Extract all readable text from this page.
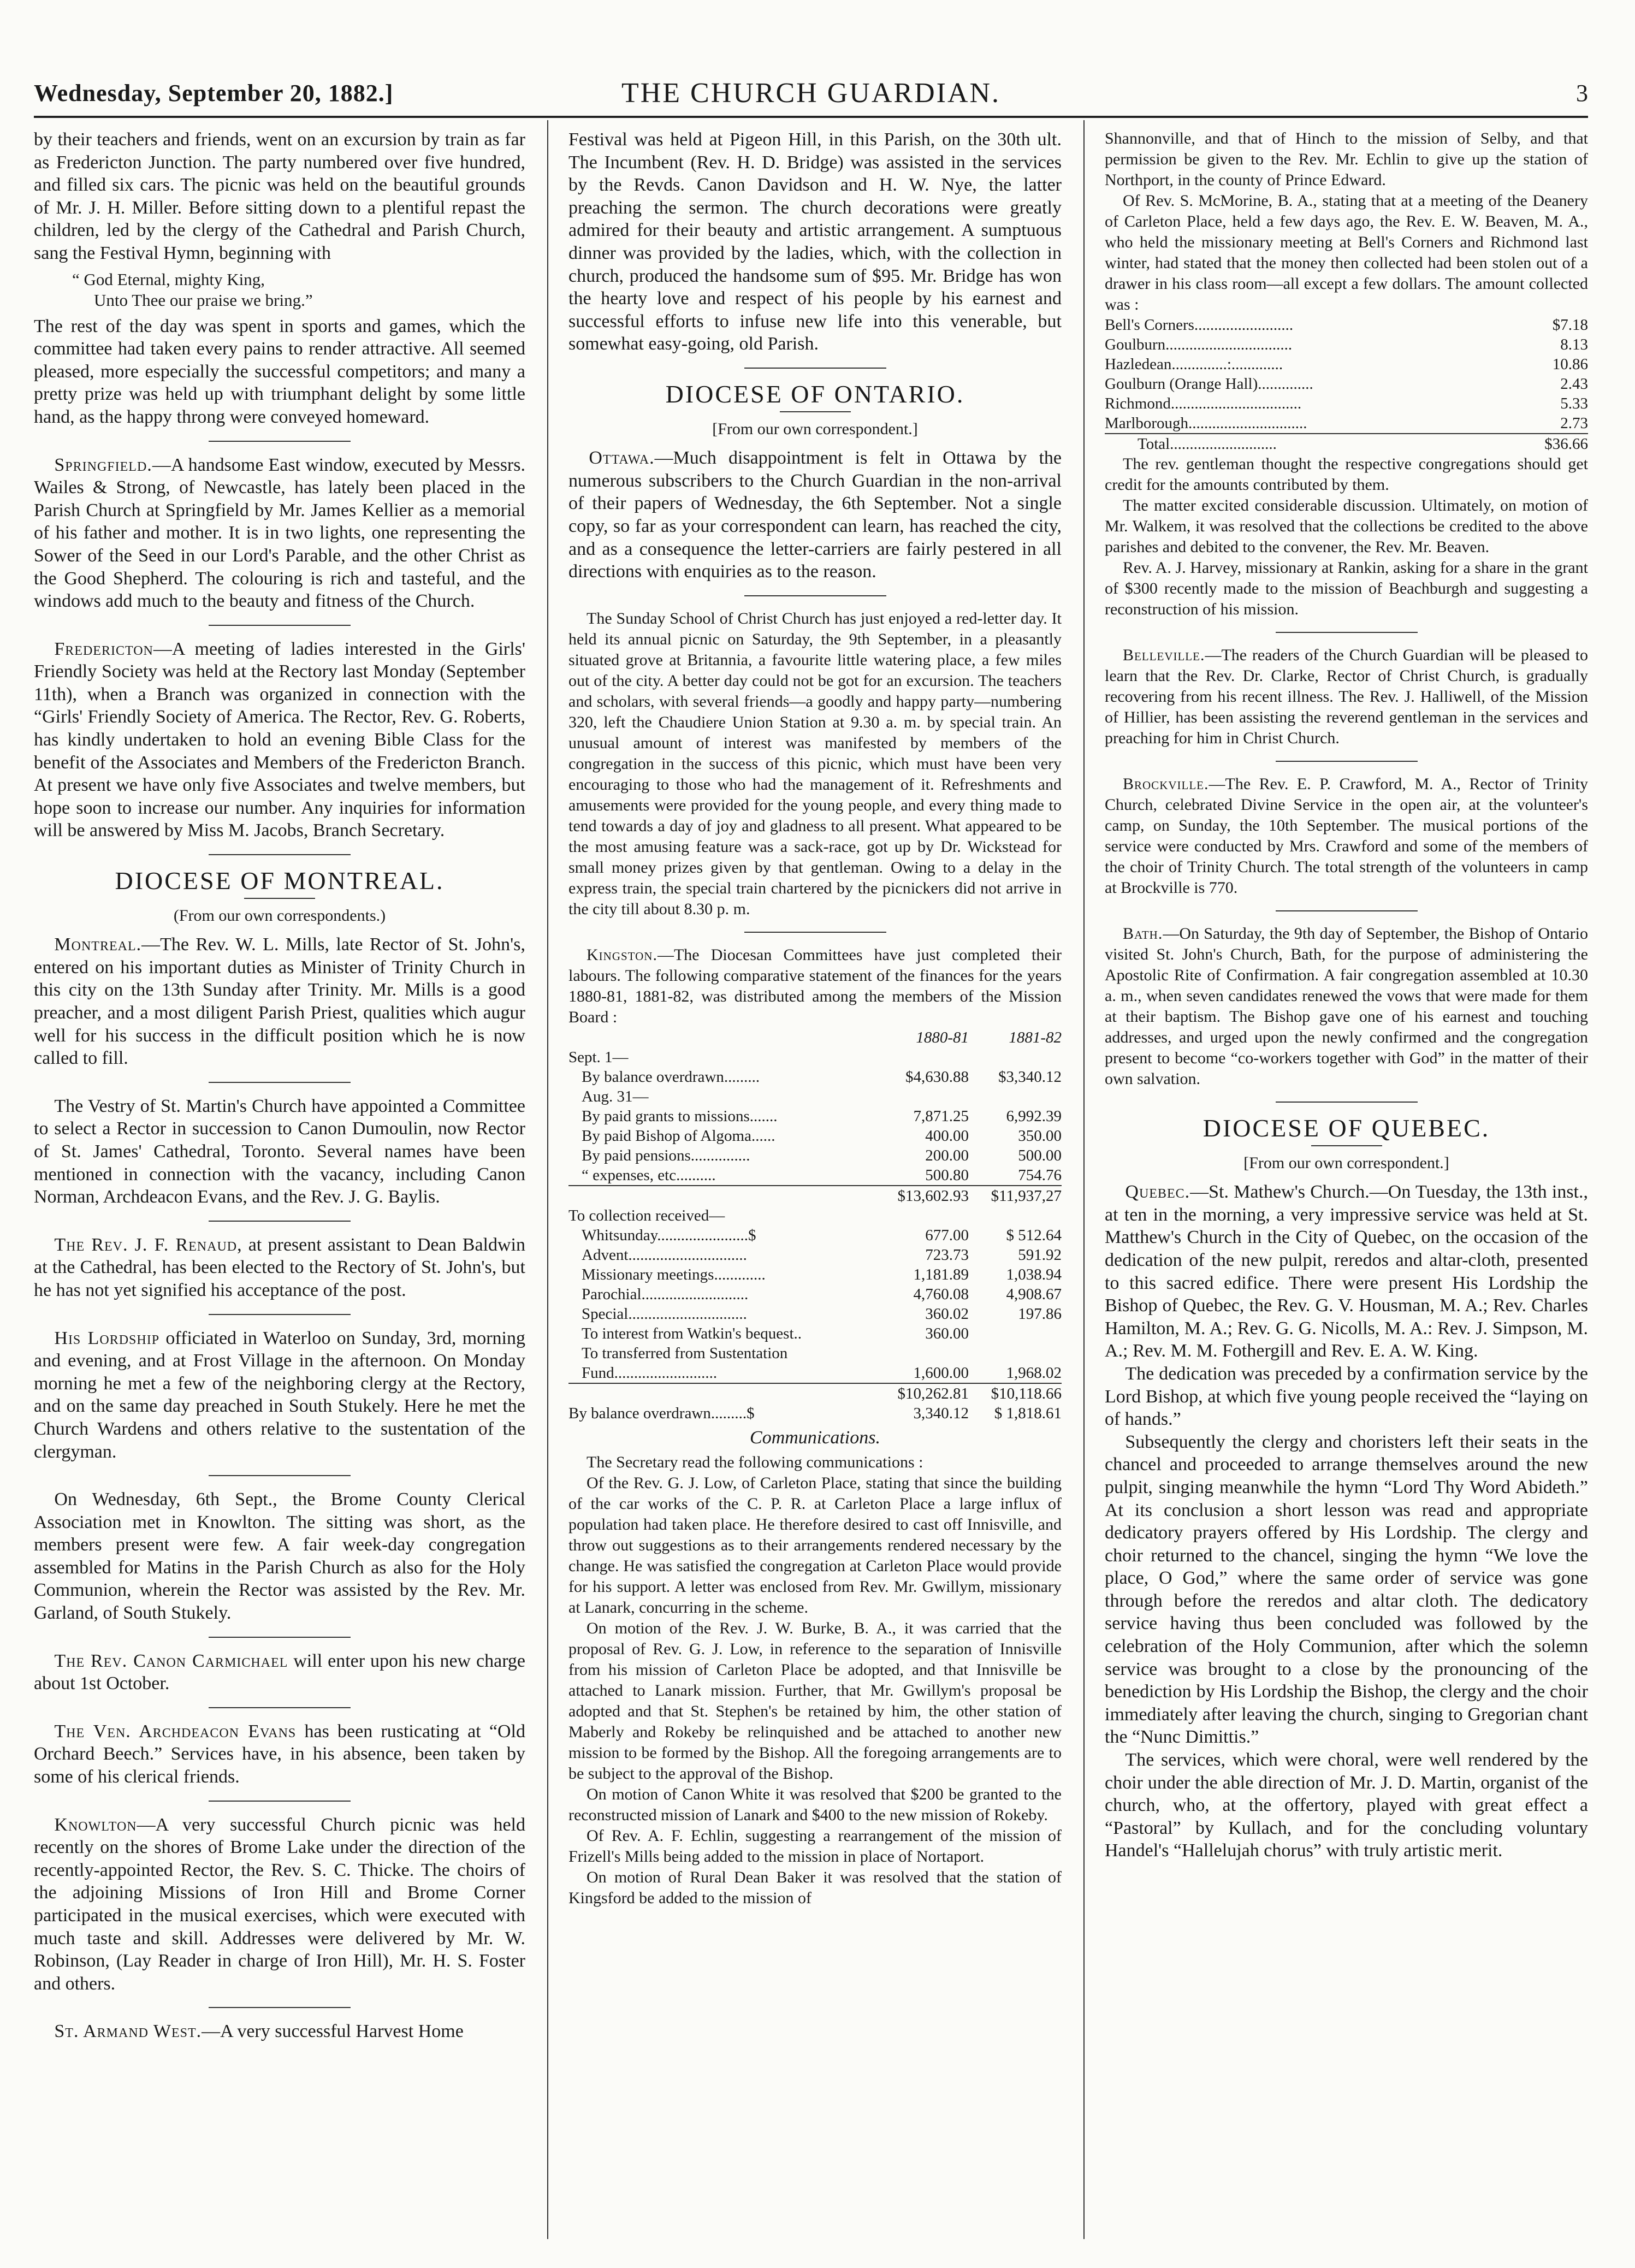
Wednesday, September 20, 1882.]	THE CHURCH GUARDIAN.	3

by their teachers and friends, went on an excursion by train as far as Fredericton Junction. The party numbered over five hundred, and filled six cars. The picnic was held on the beautiful grounds of Mr. J. H. Miller. Before sitting down to a plentiful repast the children, led by the clergy of the Cathedral and Parish Church, sang the Festival Hymn, beginning with

“ God Eternal, mighty King,
Unto Thee our praise we bring.”

The rest of the day was spent in sports and games, which the committee had taken every pains to render attractive. All seemed pleased, more especially the successful competitors; and many a pretty prize was held up with triumphant delight by some little hand, as the happy throng were conveyed homeward.

Springfield.—A handsome East window, executed by Messrs. Wailes & Strong, of Newcastle, has lately been placed in the Parish Church at Springfield by Mr. James Kellier as a memorial of his father and mother. It is in two lights, one representing the Sower of the Seed in our Lord's Parable, and the other Christ as the Good Shepherd. The colouring is rich and tasteful, and the windows add much to the beauty and fitness of the Church.

Fredericton—A meeting of ladies interested in the Girls' Friendly Society was held at the Rectory last Monday (September 11th), when a Branch was organized in connection with the “Girls' Friendly Society of America. The Rector, Rev. G. Roberts, has kindly undertaken to hold an evening Bible Class for the benefit of the Associates and Members of the Fredericton Branch. At present we have only five Associates and twelve members, but hope soon to increase our number. Any inquiries for information will be answered by Miss M. Jacobs, Branch Secretary.

DIOCESE OF MONTREAL.
(From our own correspondents.)

Montreal.—The Rev. W. L. Mills, late Rector of St. John's, entered on his important duties as Minister of Trinity Church in this city on the 13th Sunday after Trinity. Mr. Mills is a good preacher, and a most diligent Parish Priest, qualities which augur well for his success in the difficult position which he is now called to fill.

The Vestry of St. Martin's Church have appointed a Committee to select a Rector in succession to Canon Dumoulin, now Rector of St. James' Cathedral, Toronto. Several names have been mentioned in connection with the vacancy, including Canon Norman, Archdeacon Evans, and the Rev. J. G. Baylis.

The Rev. J. F. Renaud, at present assistant to Dean Baldwin at the Cathedral, has been elected to the Rectory of St. John's, but he has not yet signified his acceptance of the post.

His Lordship officiated in Waterloo on Sunday, 3rd, morning and evening, and at Frost Village in the afternoon. On Monday morning he met a few of the neighboring clergy at the Rectory, and on the same day preached in South Stukely. Here he met the Church Wardens and others relative to the sustentation of the clergyman.

On Wednesday, 6th Sept., the Brome County Clerical Association met in Knowlton. The sitting was short, as the members present were few. A fair week-day congregation assembled for Matins in the Parish Church as also for the Holy Communion, wherein the Rector was assisted by the Rev. Mr. Garland, of South Stukely.

The Rev. Canon Carmichael will enter upon his new charge about 1st October.

The Ven. Archdeacon Evans has been rusticating at “Old Orchard Beech.” Services have, in his absence, been taken by some of his clerical friends.

Knowlton—A very successful Church picnic was held recently on the shores of Brome Lake under the direction of the recently-appointed Rector, the Rev. S. C. Thicke. The choirs of the adjoining Missions of Iron Hill and Brome Corner participated in the musical exercises, which were executed with much taste and skill. Addresses were delivered by Mr. W. Robinson, (Lay Reader in charge of Iron Hill), Mr. H. S. Foster and others.

St. Armand West.—A very successful Harvest Home

Festival was held at Pigeon Hill, in this Parish, on the 30th ult. The Incumbent (Rev. H. D. Bridge) was assisted in the services by the Revds. Canon Davidson and H. W. Nye, the latter preaching the sermon. The church decorations were greatly admired for their beauty and artistic arrangement. A sumptuous dinner was provided by the ladies, which, with the collection in church, produced the handsome sum of $95. Mr. Bridge has won the hearty love and respect of his people by his earnest and successful efforts to infuse new life into this venerable, but somewhat easy-going, old Parish.

DIOCESE OF ONTARIO.
[From our own correspondent.]

Ottawa.—Much disappointment is felt in Ottawa by the numerous subscribers to the Church Guardian in the non-arrival of their papers of Wednesday, the 6th September. Not a single copy, so far as your correspondent can learn, has reached the city, and as a consequence the letter-carriers are fairly pestered in all directions with enquiries as to the reason.

The Sunday School of Christ Church has just enjoyed a red-letter day. It held its annual picnic on Saturday, the 9th September, in a pleasantly situated grove at Britannia, a favourite little watering place, a few miles out of the city. A better day could not be got for an excursion. The teachers and scholars, with several friends—a goodly and happy party—numbering 320, left the Chaudiere Union Station at 9.30 a. m. by special train. An unusual amount of interest was manifested by members of the congregation in the success of this picnic, which must have been very encouraging to those who had the management of it. Refreshments and amusements were provided for the young people, and every thing made to tend towards a day of joy and gladness to all present. What appeared to be the most amusing feature was a sack-race, got up by Dr. Wickstead for small money prizes given by that gentleman. Owing to a delay in the express train, the special train chartered by the picnickers did not arrive in the city till about 8.30 p. m.

Kingston.—The Diocesan Committees have just completed their labours. The following comparative statement of the finances for the years 1880-81, 1881-82, was distributed among the members of the Mission Board :

	1880-81	1881-82
Sept. 1—		
By balance overdrawn.........	$4,630.88	$3,340.12
Aug. 31—		
By paid grants to missions.......	7,871.25	6,992.39
By paid Bishop of Algoma......	400.00	350.00
By paid pensions...............	200.00	500.00
“ expenses, etc..........	500.80	754.76
	$13,602.93	$11,937,27
To collection received—		
Whitsunday.......................$	677.00	$ 512.64
Advent..............................	723.73	591.92
Missionary meetings.............	1,181.89	1,038.94
Parochial...........................	4,760.08	4,908.67
Special..............................	360.02	197.86
To interest from Watkin's bequest..	360.00	
To transferred from Sustentation		
Fund..........................	1,600.00	1,968.02
	$10,262.81	$10,118.66
By balance overdrawn.........$	3,340.12	$ 1,818.61
Communications.

The Secretary read the following communications :

Of the Rev. G. J. Low, of Carleton Place, stating that since the building of the car works of the C. P. R. at Carleton Place a large influx of population had taken place. He therefore desired to cast off Innisville, and throw out suggestions as to their arrangements rendered necessary by the change. He was satisfied the congregation at Carleton Place would provide for his support. A letter was enclosed from Rev. Mr. Gwillym, missionary at Lanark, concurring in the scheme.

On motion of the Rev. J. W. Burke, B. A., it was carried that the proposal of Rev. G. J. Low, in reference to the separation of Innisville from his mission of Carleton Place be adopted, and that Innisville be attached to Lanark mission. Further, that Mr. Gwillym's proposal be adopted and that St. Stephen's be retained by him, the other station of Maberly and Rokeby be relinquished and be attached to another new mission to be formed by the Bishop. All the foregoing arrangements are to be subject to the approval of the Bishop.

On motion of Canon White it was resolved that $200 be granted to the reconstructed mission of Lanark and $400 to the new mission of Rokeby.

Of Rev. A. F. Echlin, suggesting a rearrangement of the mission of Frizell's Mills being added to the mission in place of Nortaport.

On motion of Rural Dean Baker it was resolved that the station of Kingsford be added to the mission of

Shannonville, and that of Hinch to the mission of Selby, and that permission be given to the Rev. Mr. Echlin to give up the station of Northport, in the county of Prince Edward.

Of Rev. S. McMorine, B. A., stating that at a meeting of the Deanery of Carleton Place, held a few days ago, the Rev. E. W. Beaven, M. A., who held the missionary meeting at Bell's Corners and Richmond last winter, had stated that the money then collected had been stolen out of a drawer in his class room—all except a few dollars. The amount collected was :

Bell's Corners.........................	$7.18
Goulburn................................	8.13
Hazledean..............:.............	10.86
Goulburn (Orange Hall)..............	2.43
Richmond.................................	5.33
Marlborough..............................	2.73
Total...........................	$36.66

The rev. gentleman thought the respective congregations should get credit for the amounts contributed by them.

The matter excited considerable discussion. Ultimately, on motion of Mr. Walkem, it was resolved that the collections be credited to the above parishes and debited to the convener, the Rev. Mr. Beaven.

Rev. A. J. Harvey, missionary at Rankin, asking for a share in the grant of $300 recently made to the mission of Beachburgh and suggesting a reconstruction of his mission.

Belleville.—The readers of the Church Guardian will be pleased to learn that the Rev. Dr. Clarke, Rector of Christ Church, is gradually recovering from his recent illness. The Rev. J. Halliwell, of the Mission of Hillier, has been assisting the reverend gentleman in the services and preaching for him in Christ Church.

Brockville.—The Rev. E. P. Crawford, M. A., Rector of Trinity Church, celebrated Divine Service in the open air, at the volunteer's camp, on Sunday, the 10th September. The musical portions of the service were conducted by Mrs. Crawford and some of the members of the choir of Trinity Church. The total strength of the volunteers in camp at Brockville is 770.

Bath.—On Saturday, the 9th day of September, the Bishop of Ontario visited St. John's Church, Bath, for the purpose of administering the Apostolic Rite of Confirmation. A fair congregation assembled at 10.30 a. m., when seven candidates renewed the vows that were made for them at their baptism. The Bishop gave one of his earnest and touching addresses, and urged upon the newly confirmed and the congregation present to become “co-workers together with God” in the matter of their own salvation.

DIOCESE OF QUEBEC.
[From our own correspondent.]

Quebec.—St. Mathew's Church.—On Tuesday, the 13th inst., at ten in the morning, a very impressive service was held at St. Matthew's Church in the City of Quebec, on the occasion of the dedication of the new pulpit, reredos and altar-cloth, presented to this sacred edifice. There were present His Lordship the Bishop of Quebec, the Rev. G. V. Housman, M. A.; Rev. Charles Hamilton, M. A.; Rev. G. G. Nicolls, M. A.: Rev. J. Simpson, M. A.; Rev. M. M. Fothergill and Rev. E. A. W. King.

The dedication was preceded by a confirmation service by the Lord Bishop, at which five young people received the “laying on of hands.”

Subsequently the clergy and choristers left their seats in the chancel and proceeded to arrange themselves around the new pulpit, singing meanwhile the hymn “Lord Thy Word Abideth.” At its conclusion a short lesson was read and appropriate dedicatory prayers offered by His Lordship. The clergy and choir returned to the chancel, singing the hymn “We love the place, O God,” where the same order of service was gone through before the reredos and altar cloth. The dedicatory service having thus been concluded was followed by the celebration of the Holy Communion, after which the solemn service was brought to a close by the pronouncing of the benediction by His Lordship the Bishop, the clergy and the choir immediately after leaving the church, singing to Gregorian chant the “Nunc Dimittis.”

The services, which were choral, were well rendered by the choir under the able direction of Mr. J. D. Martin, organist of the church, who, at the offertory, played with great effect a “Pastoral” by Kullach, and for the concluding voluntary Handel's “Hallelujah chorus” with truly artistic merit.
